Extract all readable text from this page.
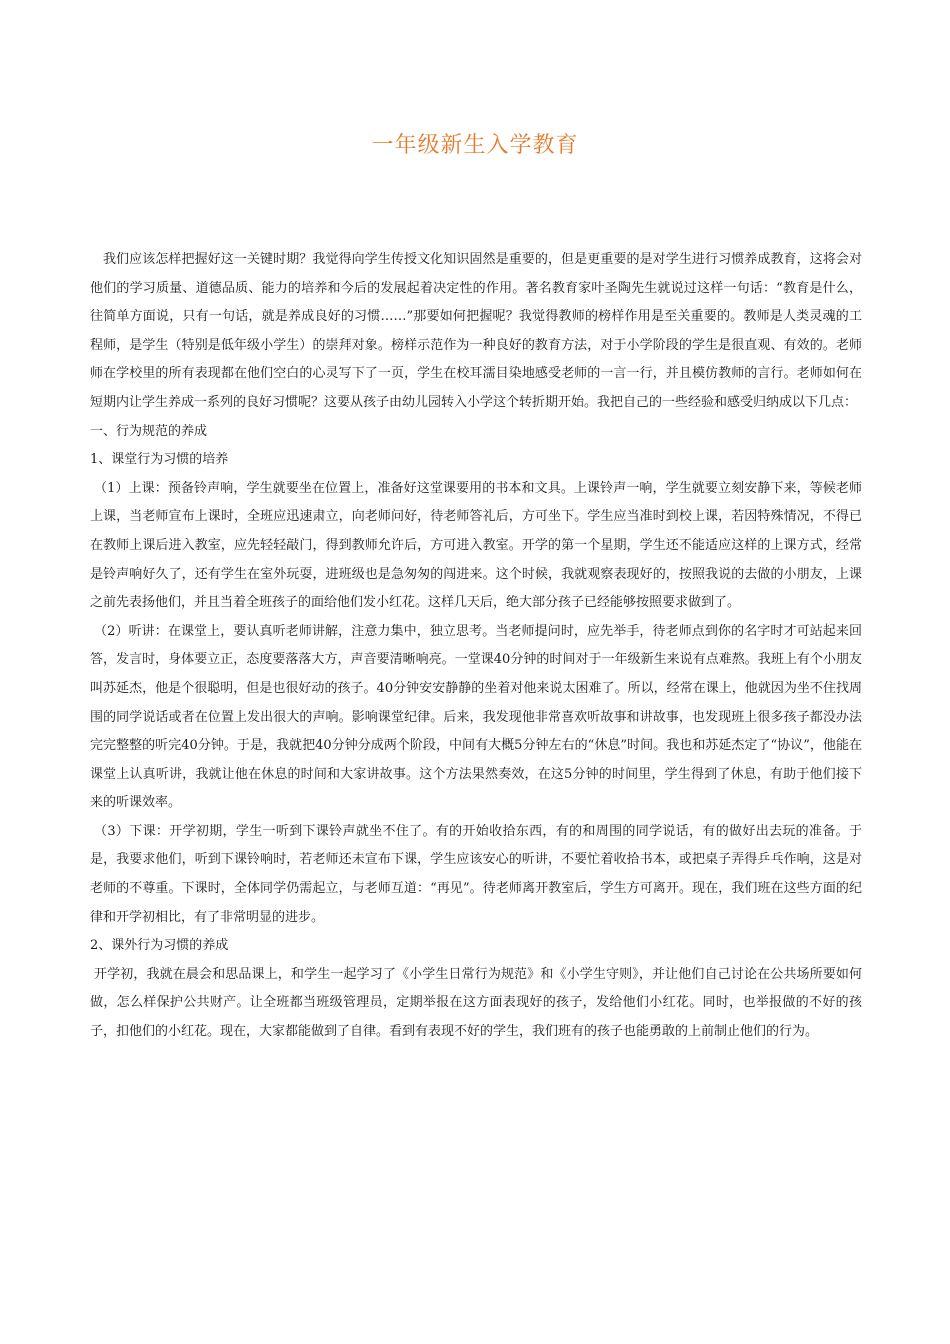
一年级新生入学教育

我们应该怎样把握好这一关键时期？我觉得向学生传授文化知识固然是重要的，但是更重要的是对学生进行习惯养成教育，这将会对他们的学习质量、道德品质、能力的培养和今后的发展起着决定性的作用。著名教育家叶圣陶先生就说过这样一句话：“教育是什么，往简单方面说，只有一句话，就是养成良好的习惯……”那要如何把握呢？我觉得教师的榜样作用是至关重要的。教师是人类灵魂的工程师，是学生（特别是低年级小学生）的崇拜对象。榜样示范作为一种良好的教育方法，对于小学阶段的学生是很直观、有效的。老师师在学校里的所有表现都在他们空白的心灵写下了一页，学生在校耳濡目染地感受老师的一言一行，并且模仿教师的言行。老师如何在短期内让学生养成一系列的良好习惯呢？这要从孩子由幼儿园转入小学这个转折期开始。我把自己的一些经验和感受归纳成以下几点：

一、行为规范的养成

1、课堂行为习惯的培养

（1）上课：预备铃声响，学生就要坐在位置上，准备好这堂课要用的书本和文具。上课铃声一响，学生就要立刻安静下来，等候老师上课，当老师宣布上课时，全班应迅速肃立，向老师问好，待老师答礼后，方可坐下。学生应当准时到校上课，若因特殊情况，不得已在教师上课后进入教室，应先轻轻敲门，得到教师允许后，方可进入教室。开学的第一个星期，学生还不能适应这样的上课方式，经常是铃声响好久了，还有学生在室外玩耍，进班级也是急匆匆的闯进来。这个时候，我就观察表现好的，按照我说的去做的小朋友，上课之前先表扬他们，并且当着全班孩子的面给他们发小红花。这样几天后，绝大部分孩子已经能够按照要求做到了。

（2）听讲：在课堂上，要认真听老师讲解，注意力集中，独立思考。当老师提问时，应先举手，待老师点到你的名字时才可站起来回答，发言时，身体要立正，态度要落落大方，声音要清晰响亮。一堂课40分钟的时间对于一年级新生来说有点难熬。我班上有个小朋友叫苏延杰，他是个很聪明，但是也很好动的孩子。40分钟安安静静的坐着对他来说太困难了。所以，经常在课上，他就因为坐不住找周围的同学说话或者在位置上发出很大的声响。影响课堂纪律。后来，我发现他非常喜欢听故事和讲故事，也发现班上很多孩子都没办法完完整整的听完40分钟。于是，我就把40分钟分成两个阶段，中间有大概5分钟左右的“休息”时间。我也和苏延杰定了“协议”，他能在课堂上认真听讲，我就让他在休息的时间和大家讲故事。这个方法果然奏效，在这5分钟的时间里，学生得到了休息，有助于他们接下来的听课效率。

（3）下课：开学初期，学生一听到下课铃声就坐不住了。有的开始收拾东西，有的和周围的同学说话，有的做好出去玩的准备。于是，我要求他们，听到下课铃响时，若老师还未宣布下课，学生应该安心的听讲，不要忙着收拾书本，或把桌子弄得乒乓作响，这是对老师的不尊重。下课时，全体同学仍需起立，与老师互道：“再见”。待老师离开教室后，学生方可离开。现在，我们班在这些方面的纪律和开学初相比，有了非常明显的进步。

2、课外行为习惯的养成

开学初，我就在晨会和思品课上，和学生一起学习了《小学生日常行为规范》和《小学生守则》，并让他们自己讨论在公共场所要如何做，怎么样保护公共财产。让全班都当班级管理员，定期举报在这方面表现好的孩子，发给他们小红花。同时，也举报做的不好的孩子，扣他们的小红花。现在，大家都能做到了自律。看到有表现不好的学生，我们班有的孩子也能勇敢的上前制止他们的行为。
